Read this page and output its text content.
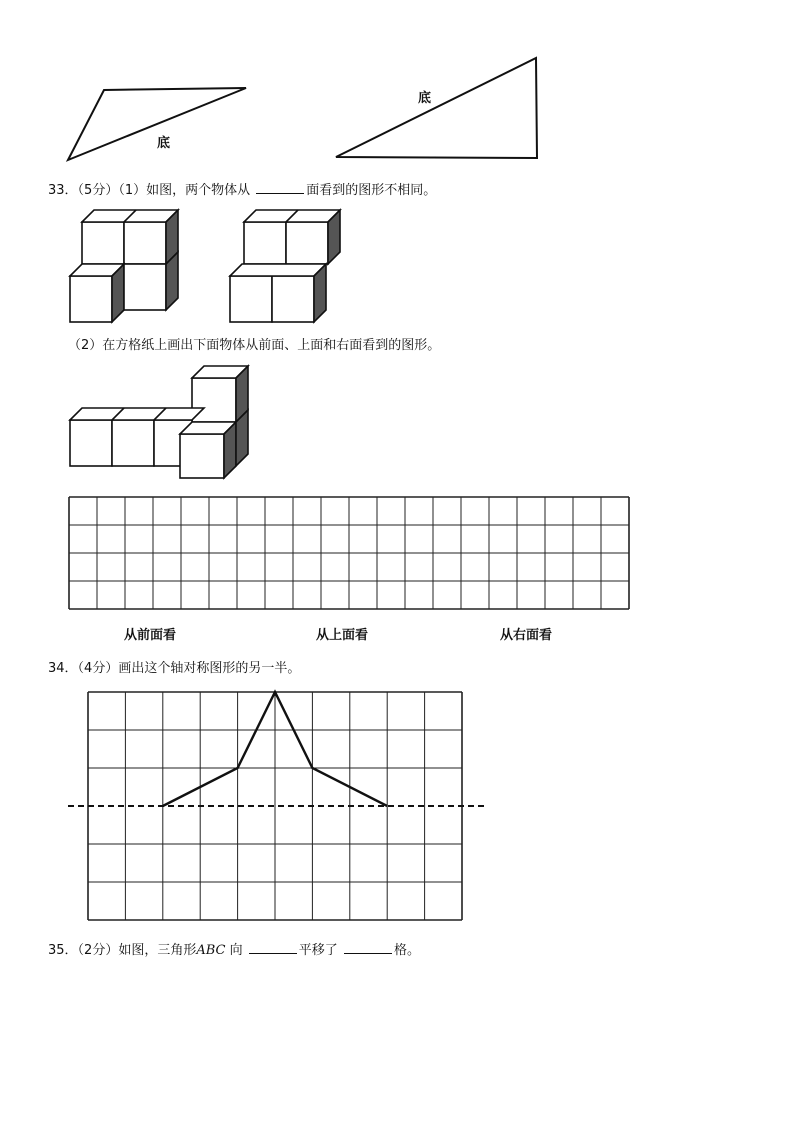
底
底
33．（5分）（1）如图，两个物体从	面看到的图形不相同。
（2）在方格纸上画出下面物体从前面、上面和右面看到的图形。
从前面看	从上面看	从右面看
34．（4分）画出这个轴对称图形的另一半。
35．（2分）如图，三角形ABC 向	平移了	格。
